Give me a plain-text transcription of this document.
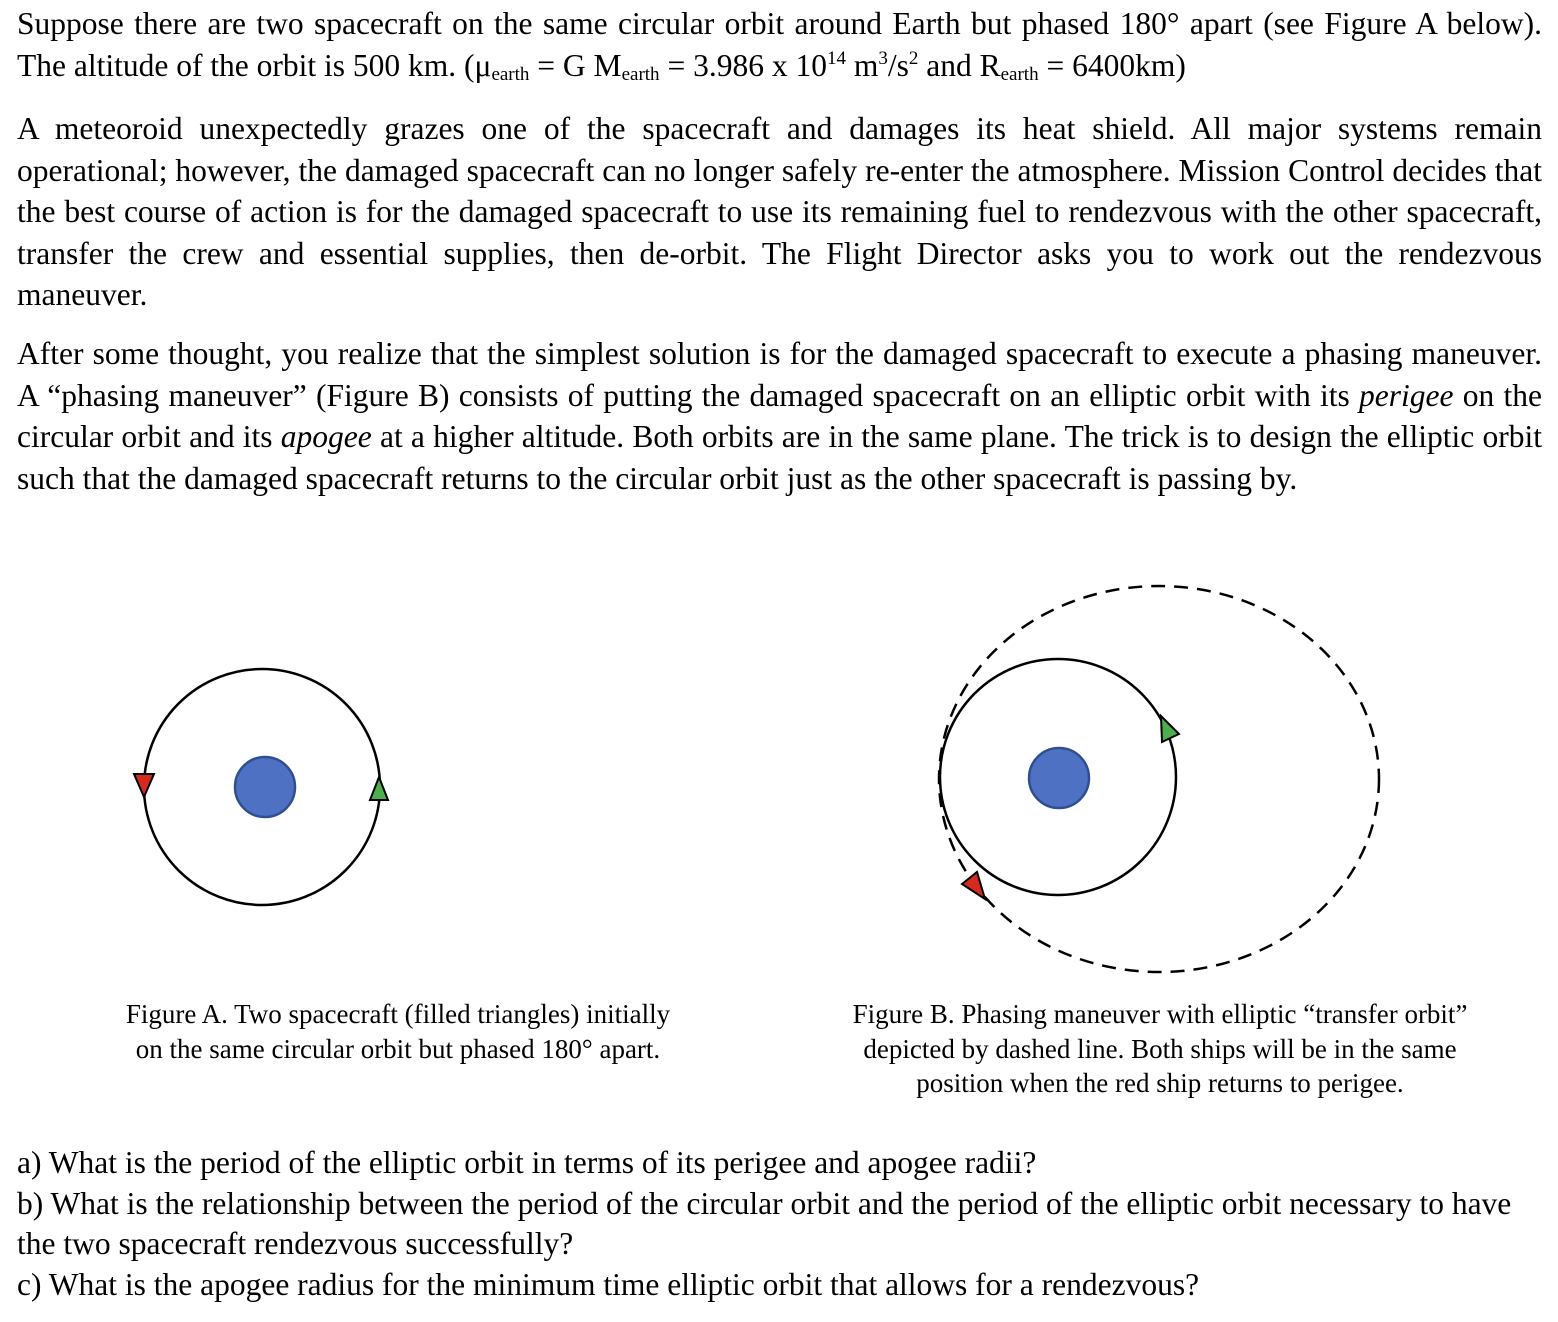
Suppose there are two spacecraft on the same circular orbit around Earth but phased 180° apart (see Figure A below). The altitude of the orbit is 500 km. ($\mu_{earth} = G$ $M_{earth} = 3.986$ x $10^{14}$ $m^3/s^2$ and $R_{earth} = 6400km$)

A meteoroid unexpectedly grazes one of the spacecraft and damages its heat shield. All major systems remain operational; however, the damaged spacecraft can no longer safely re-enter the atmosphere. Mission Control decides that the best course of action is for the damaged spacecraft to use its remaining fuel to rendezvous with the other spacecraft, transfer the crew and essential supplies, then de-orbit. The Flight Director asks you to work out the rendezvous maneuver.

After some thought, you realize that the simplest solution is for the damaged spacecraft to execute a phasing maneuver. A “phasing maneuver” (Figure B) consists of putting the damaged spacecraft on an elliptic orbit with its perigee on the circular orbit and its apogee at a higher altitude. Both orbits are in the same plane. The trick is to design the elliptic orbit such that the damaged spacecraft returns to the circular orbit just as the other spacecraft is passing by.

Figure A. Two spacecraft (filled triangles) initially
on the same circular orbit but phased 180° apart.

Figure B. Phasing maneuver with elliptic “transfer orbit”
depicted by dashed line. Both ships will be in the same
position when the red ship returns to perigee.

a) What is the period of the elliptic orbit in terms of its perigee and apogee radii?
b) What is the relationship between the period of the circular orbit and the period of the elliptic orbit necessary to have the two spacecraft rendezvous successfully?
c) What is the apogee radius for the minimum time elliptic orbit that allows for a rendezvous?
